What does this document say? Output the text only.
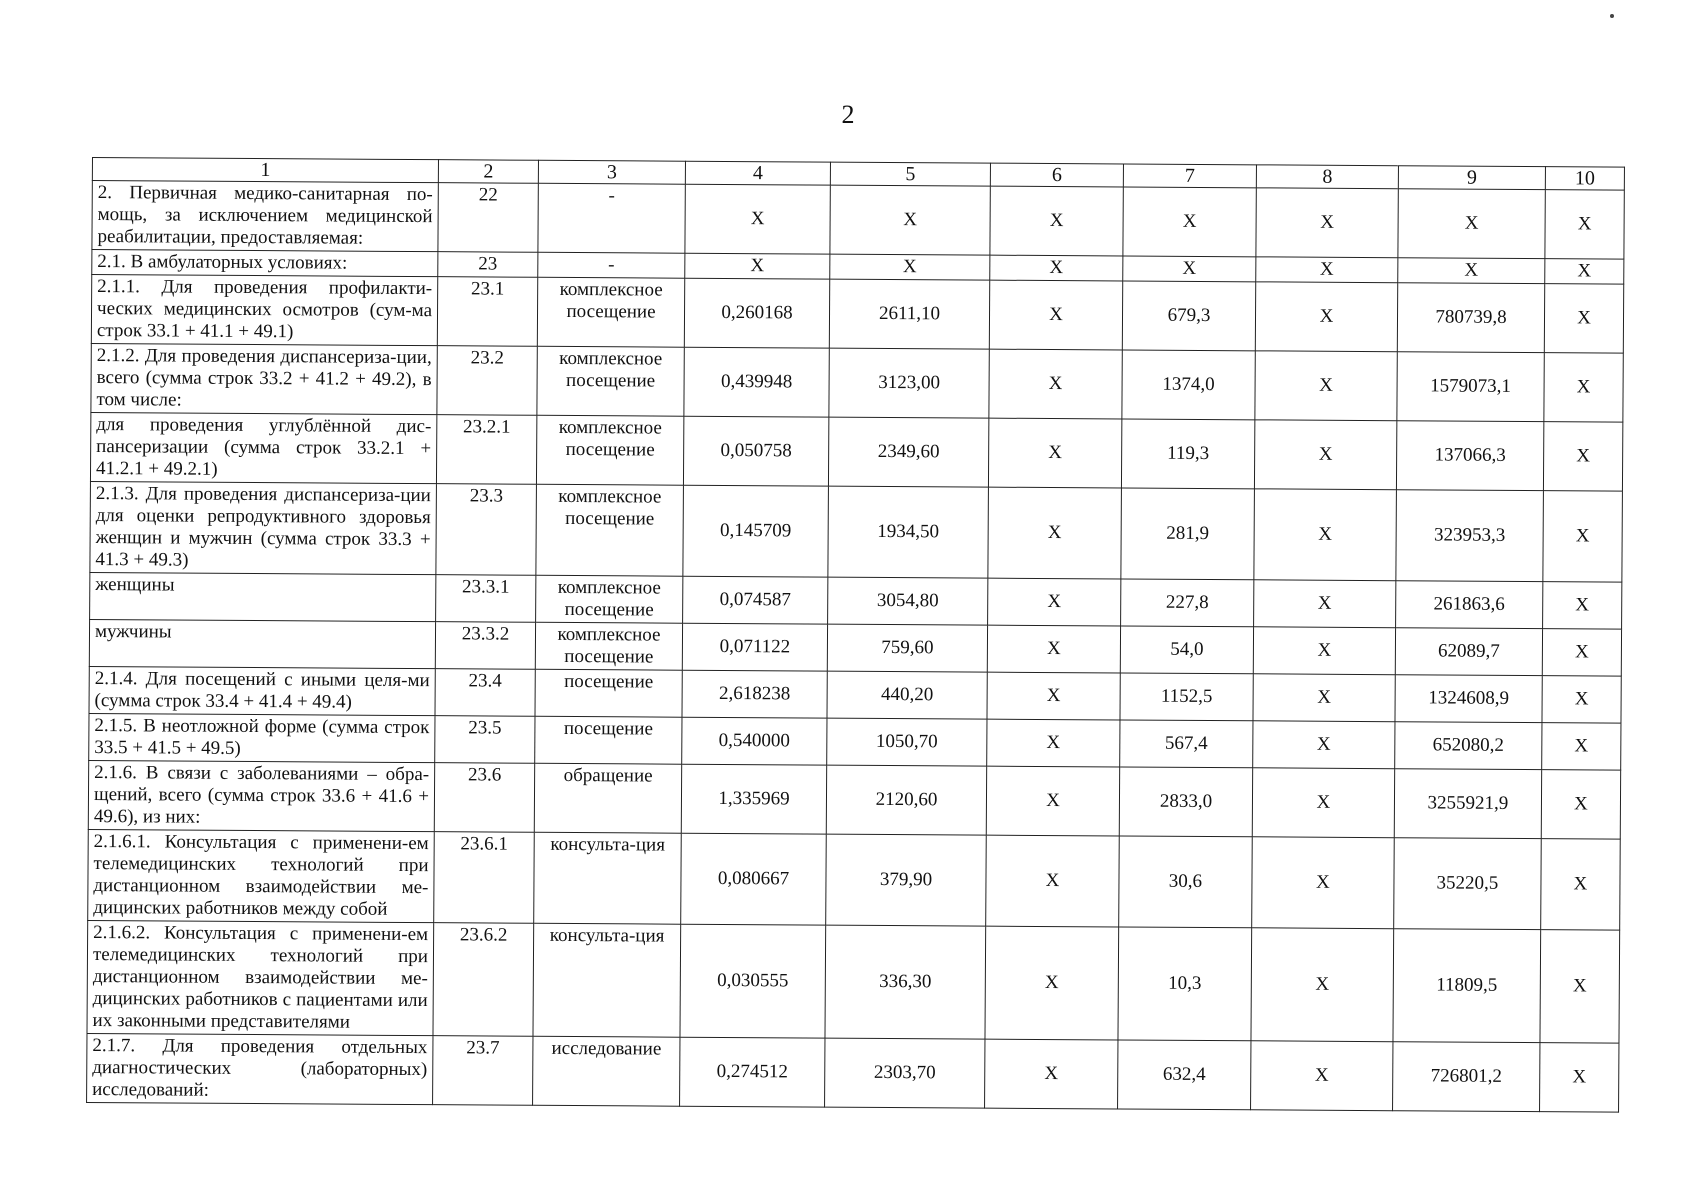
2
1	2	3	4	5	6	7	8	9	10
2. Первичная медико-санитарная по-мощь, за исключением медицинской реабилитации, предоставляемая:	22	-	X	X	X	X	X	X	X
2.1. В амбулаторных условиях:	23	-	X	X	X	X	X	X	X
2.1.1. Для проведения профилакти-ческих медицинских осмотров (сум-ма строк 33.1 + 41.1 + 49.1)	23.1	комплексное посещение	0,260168	2611,10	X	679,3	X	780739,8	X
2.1.2. Для проведения диспансериза-ции, всего (сумма строк 33.2 + 41.2 + 49.2), в том числе:	23.2	комплексное посещение	0,439948	3123,00	X	1374,0	X	1579073,1	X
для проведения углублённой дис-пансеризации (сумма строк 33.2.1 + 41.2.1 + 49.2.1)	23.2.1	комплексное посещение	0,050758	2349,60	X	119,3	X	137066,3	X
2.1.3. Для проведения диспансериза-ции для оценки репродуктивного здоровья женщин и мужчин (сумма строк 33.3 + 41.3 + 49.3)	23.3	комплексное посещение	0,145709	1934,50	X	281,9	X	323953,3	X
женщины	23.3.1	комплексное посещение	0,074587	3054,80	X	227,8	X	261863,6	X
мужчины	23.3.2	комплексное посещение	0,071122	759,60	X	54,0	X	62089,7	X
2.1.4. Для посещений с иными целя-ми (сумма строк 33.4 + 41.4 + 49.4)	23.4	посещение	2,618238	440,20	X	1152,5	X	1324608,9	X
2.1.5. В неотложной форме (сумма строк 33.5 + 41.5 + 49.5)	23.5	посещение	0,540000	1050,70	X	567,4	X	652080,2	X
2.1.6. В связи с заболеваниями – обра-щений, всего (сумма строк 33.6 + 41.6 + 49.6), из них:	23.6	обращение	1,335969	2120,60	X	2833,0	X	3255921,9	X
2.1.6.1. Консультация с применени-ем телемедицинских технологий при дистанционном взаимодействии ме-дицинских работников между собой	23.6.1	консульта-ция	0,080667	379,90	X	30,6	X	35220,5	X
2.1.6.2. Консультация с применени-ем телемедицинских технологий при дистанционном взаимодействии ме-дицинских работников с пациентами или их законными представителями	23.6.2	консульта-ция	0,030555	336,30	X	10,3	X	11809,5	X
2.1.7. Для проведения отдельных диагностических (лабораторных) исследований:	23.7	исследование	0,274512	2303,70	X	632,4	X	726801,2	X
